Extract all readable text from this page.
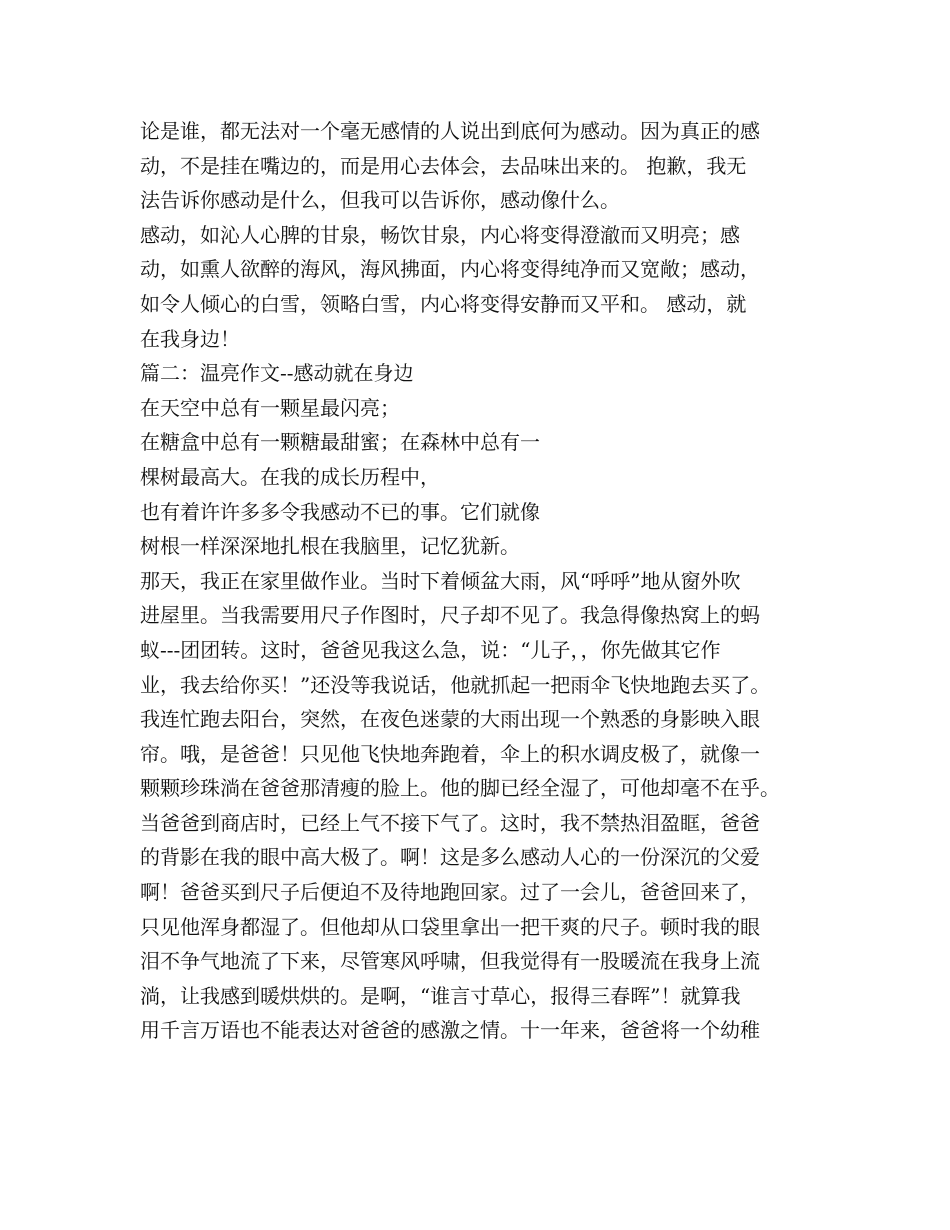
论是谁，都无法对一个毫无感情的人说出到底何为感动。因为真正的感
动，不是挂在嘴边的，而是用心去体会，去品味出来的。 抱歉，我无
法告诉你感动是什么，但我可以告诉你，感动像什么。
感动，如沁人心脾的甘泉，畅饮甘泉，内心将变得澄澈而又明亮；感
动，如熏人欲醉的海风，海风拂面，内心将变得纯净而又宽敞；感动，
如令人倾心的白雪，领略白雪，内心将变得安静而又平和。 感动，就
在我身边！
篇二：温亮作文--感动就在身边
在天空中总有一颗星最闪亮；
在糖盒中总有一颗糖最甜蜜；在森林中总有一
棵树最高大。在我的成长历程中，
也有着许许多多令我感动不已的事。它们就像
树根一样深深地扎根在我脑里，记忆犹新。
那天，我正在家里做作业。当时下着倾盆大雨，风“呼呼”地从窗外吹
进屋里。当我需要用尺子作图时，尺子却不见了。我急得像热窝上的蚂
蚁---团团转。这时，爸爸见我这么急，说：“儿子，，你先做其它作
业，我去给你买！”还没等我说话，他就抓起一把雨伞飞快地跑去买了。
我连忙跑去阳台，突然，在夜色迷蒙的大雨出现一个熟悉的身影映入眼
帘。哦，是爸爸！只见他飞快地奔跑着，伞上的积水调皮极了，就像一
颗颗珍珠淌在爸爸那清瘦的脸上。他的脚已经全湿了，可他却毫不在乎。
当爸爸到商店时，已经上气不接下气了。这时，我不禁热泪盈眶，爸爸
的背影在我的眼中高大极了。啊！这是多么感动人心的一份深沉的父爱
啊！爸爸买到尺子后便迫不及待地跑回家。过了一会儿，爸爸回来了，
只见他浑身都湿了。但他却从口袋里拿出一把干爽的尺子。顿时我的眼
泪不争气地流了下来，尽管寒风呼啸，但我觉得有一股暖流在我身上流
淌，让我感到暖烘烘的。是啊，“谁言寸草心，报得三春晖”！就算我
用千言万语也不能表达对爸爸的感激之情。十一年来，爸爸将一个幼稚
